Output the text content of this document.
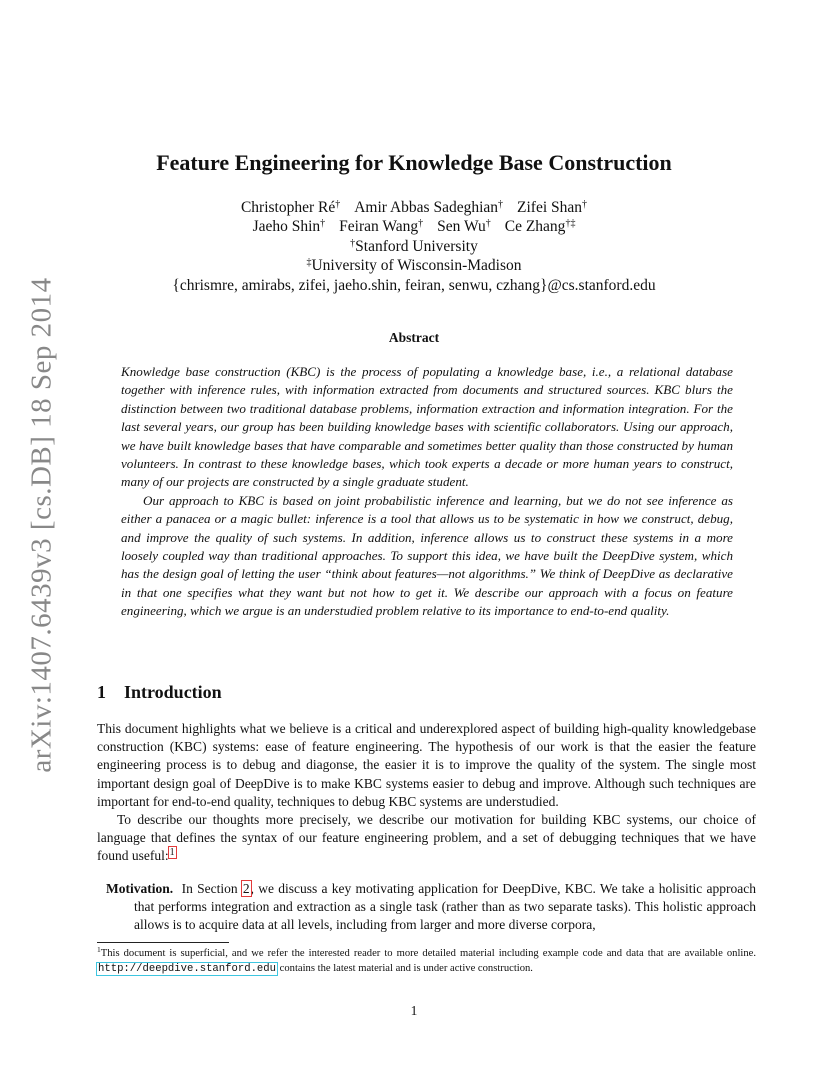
arXiv:1407.6439v3 [cs.DB] 18 Sep 2014
Feature Engineering for Knowledge Base Construction
Christopher Ré† Amir Abbas Sadeghian† Zifei Shan†
Jaeho Shin† Feiran Wang† Sen Wu† Ce Zhang†‡
†Stanford University
‡University of Wisconsin-Madison
{chrismre, amirabs, zifei, jaeho.shin, feiran, senwu, czhang}@cs.stanford.edu
Abstract

Knowledge base construction (KBC) is the process of populating a knowledge base, i.e., a relational database together with inference rules, with information extracted from documents and structured sources. KBC blurs the distinction between two traditional database problems, information extraction and information integration. For the last several years, our group has been building knowledge bases with scientific collaborators. Using our approach, we have built knowledge bases that have comparable and sometimes better quality than those constructed by human volunteers. In contrast to these knowledge bases, which took experts a decade or more human years to construct, many of our projects are constructed by a single graduate student.

Our approach to KBC is based on joint probabilistic inference and learning, but we do not see inference as either a panacea or a magic bullet: inference is a tool that allows us to be systematic in how we construct, debug, and improve the quality of such systems. In addition, inference allows us to construct these systems in a more loosely coupled way than traditional approaches. To support this idea, we have built the DeepDive system, which has the design goal of letting the user “think about features—not algorithms.” We think of DeepDive as declarative in that one specifies what they want but not how to get it. We describe our approach with a focus on feature engineering, which we argue is an understudied problem relative to its importance to end-to-end quality.

1 Introduction

This document highlights what we believe is a critical and underexplored aspect of building high-quality knowledgebase construction (KBC) systems: ease of feature engineering. The hypothesis of our work is that the easier the feature engineering process is to debug and diagonse, the easier it is to improve the quality of the system. The single most important design goal of DeepDive is to make KBC systems easier to debug and improve. Although such techniques are important for end-to-end quality, techniques to debug KBC systems are understudied.

To describe our thoughts more precisely, we describe our motivation for building KBC systems, our choice of language that defines the syntax of our feature engineering problem, and a set of debugging techniques that we have found useful:$^1$

Motivation. In Section 2, we discuss a key motivating application for DeepDive, KBC. We take a holisitic approach that performs integration and extraction as a single task (rather than as two separate tasks). This holistic approach allows is to acquire data at all levels, including from larger and more diverse corpora,
$^1$This document is superficial, and we refer the interested reader to more detailed material including example code and data that are available online. http://deepdive.stanford.edu contains the latest material and is under active construction.
1
